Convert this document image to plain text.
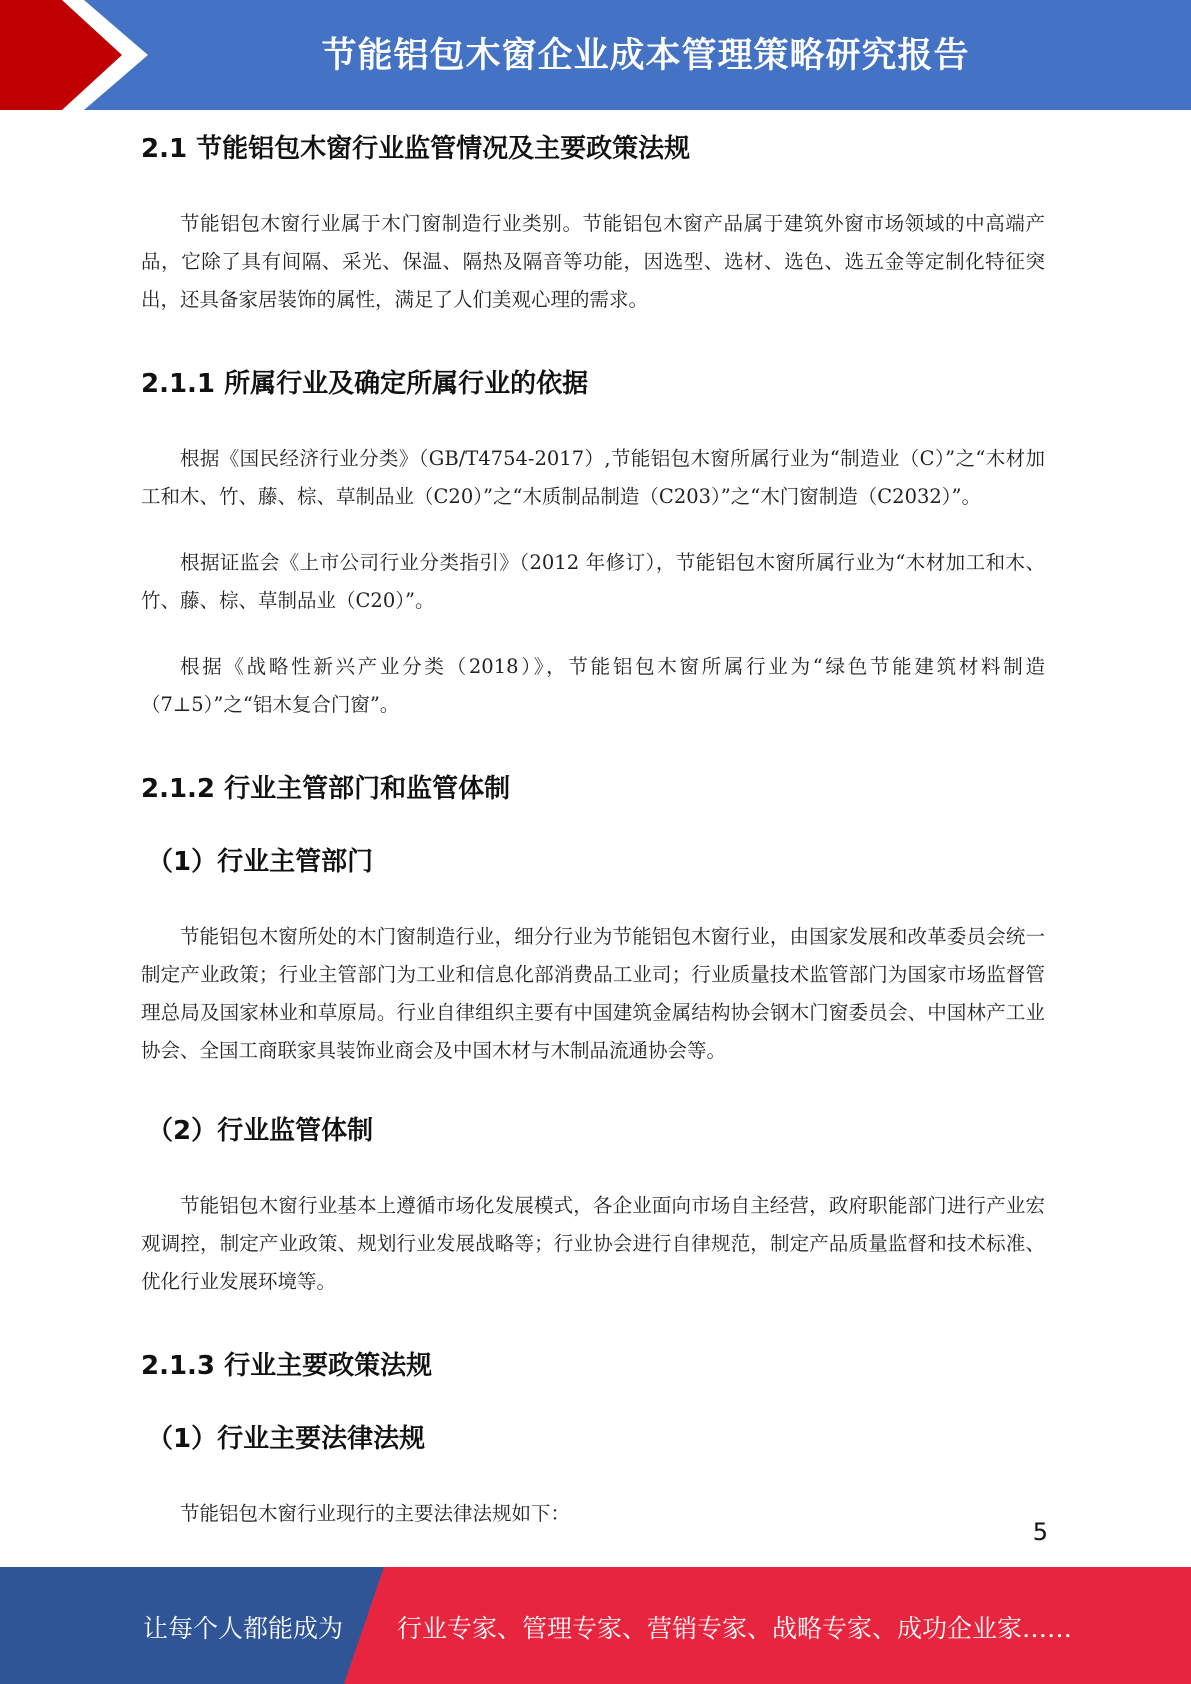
节能铝包木窗企业成本管理策略研究报告
2.1 节能铝包木窗行业监管情况及主要政策法规

节能铝包木窗行业属于木门窗制造行业类别。节能铝包木窗产品属于建筑外窗市场领域的中高端产品，它除了具有间隔、采光、保温、隔热及隔音等功能，因选型、选材、选色、选五金等定制化特征突出，还具备家居装饰的属性，满足了人们美观心理的需求。

2.1.1 所属行业及确定所属行业的依据

根据《国民经济行业分类》（GB/T4754-2017）,节能铝包木窗所属行业为“制造业（C）”之“木材加工和木、竹、藤、棕、草制品业（C20）”之“木质制品制造（C203）”之“木门窗制造（C2032）”。

根据证监会《上市公司行业分类指引》（2012 年修订），节能铝包木窗所属行业为“木材加工和木、竹、藤、棕、草制品业（C20）”。

根据《战略性新兴产业分类（2018）》，节能铝包木窗所属行业为“绿色节能建筑材料制造（7⊥5）”之“铝木复合门窗”。

2.1.2 行业主管部门和监管体制
（1）行业主管部门

节能铝包木窗所处的木门窗制造行业，细分行业为节能铝包木窗行业，由国家发展和改革委员会统一制定产业政策；行业主管部门为工业和信息化部消费品工业司；行业质量技术监管部门为国家市场监督管理总局及国家林业和草原局。行业自律组织主要有中国建筑金属结构协会钢木门窗委员会、中国林产工业协会、全国工商联家具装饰业商会及中国木材与木制品流通协会等。

（2）行业监管体制

节能铝包木窗行业基本上遵循市场化发展模式，各企业面向市场自主经营，政府职能部门进行产业宏观调控，制定产业政策、规划行业发展战略等；行业协会进行自律规范，制定产品质量监督和技术标准、优化行业发展环境等。

2.1.3 行业主要政策法规
（1）行业主要法律法规

节能铝包木窗行业现行的主要法律法规如下：

5
让每个人都能成为 行业专家、管理专家、营销专家、战略专家、成功企业家……
